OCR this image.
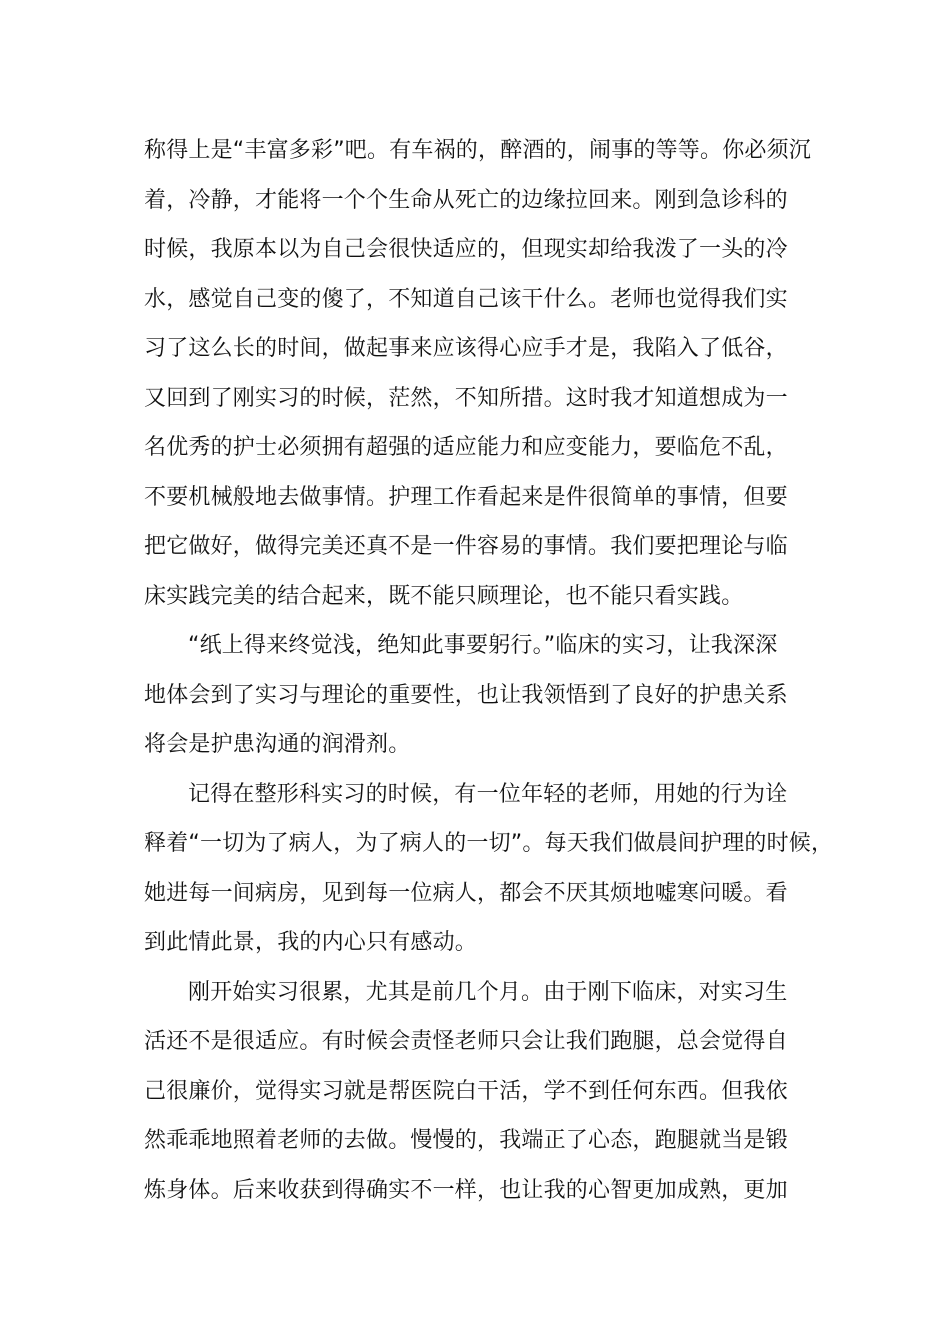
称得上是“丰富多彩”吧。有车祸的，醉酒的，闹事的等等。你必须沉
着，冷静，才能将一个个生命从死亡的边缘拉回来。刚到急诊科的
时候，我原本以为自己会很快适应的，但现实却给我泼了一头的冷
水，感觉自己变的傻了，不知道自己该干什么。老师也觉得我们实
习了这么长的时间，做起事来应该得心应手才是，我陷入了低谷，
又回到了刚实习的时候，茫然，不知所措。这时我才知道想成为一
名优秀的护士必须拥有超强的适应能力和应变能力，要临危不乱，
不要机械般地去做事情。护理工作看起来是件很简单的事情，但要
把它做好，做得完美还真不是一件容易的事情。我们要把理论与临
床实践完美的结合起来，既不能只顾理论，也不能只看实践。
“纸上得来终觉浅，绝知此事要躬行。”临床的实习，让我深深
地体会到了实习与理论的重要性，也让我领悟到了良好的护患关系
将会是护患沟通的润滑剂。
记得在整形科实习的时候，有一位年轻的老师，用她的行为诠
释着“一切为了病人，为了病人的一切”。每天我们做晨间护理的时候，
她进每一间病房，见到每一位病人，都会不厌其烦地嘘寒问暖。看
到此情此景，我的内心只有感动。
刚开始实习很累，尤其是前几个月。由于刚下临床，对实习生
活还不是很适应。有时候会责怪老师只会让我们跑腿，总会觉得自
己很廉价，觉得实习就是帮医院白干活，学不到任何东西。但我依
然乖乖地照着老师的去做。慢慢的，我端正了心态，跑腿就当是锻
炼身体。后来收获到得确实不一样，也让我的心智更加成熟，更加
